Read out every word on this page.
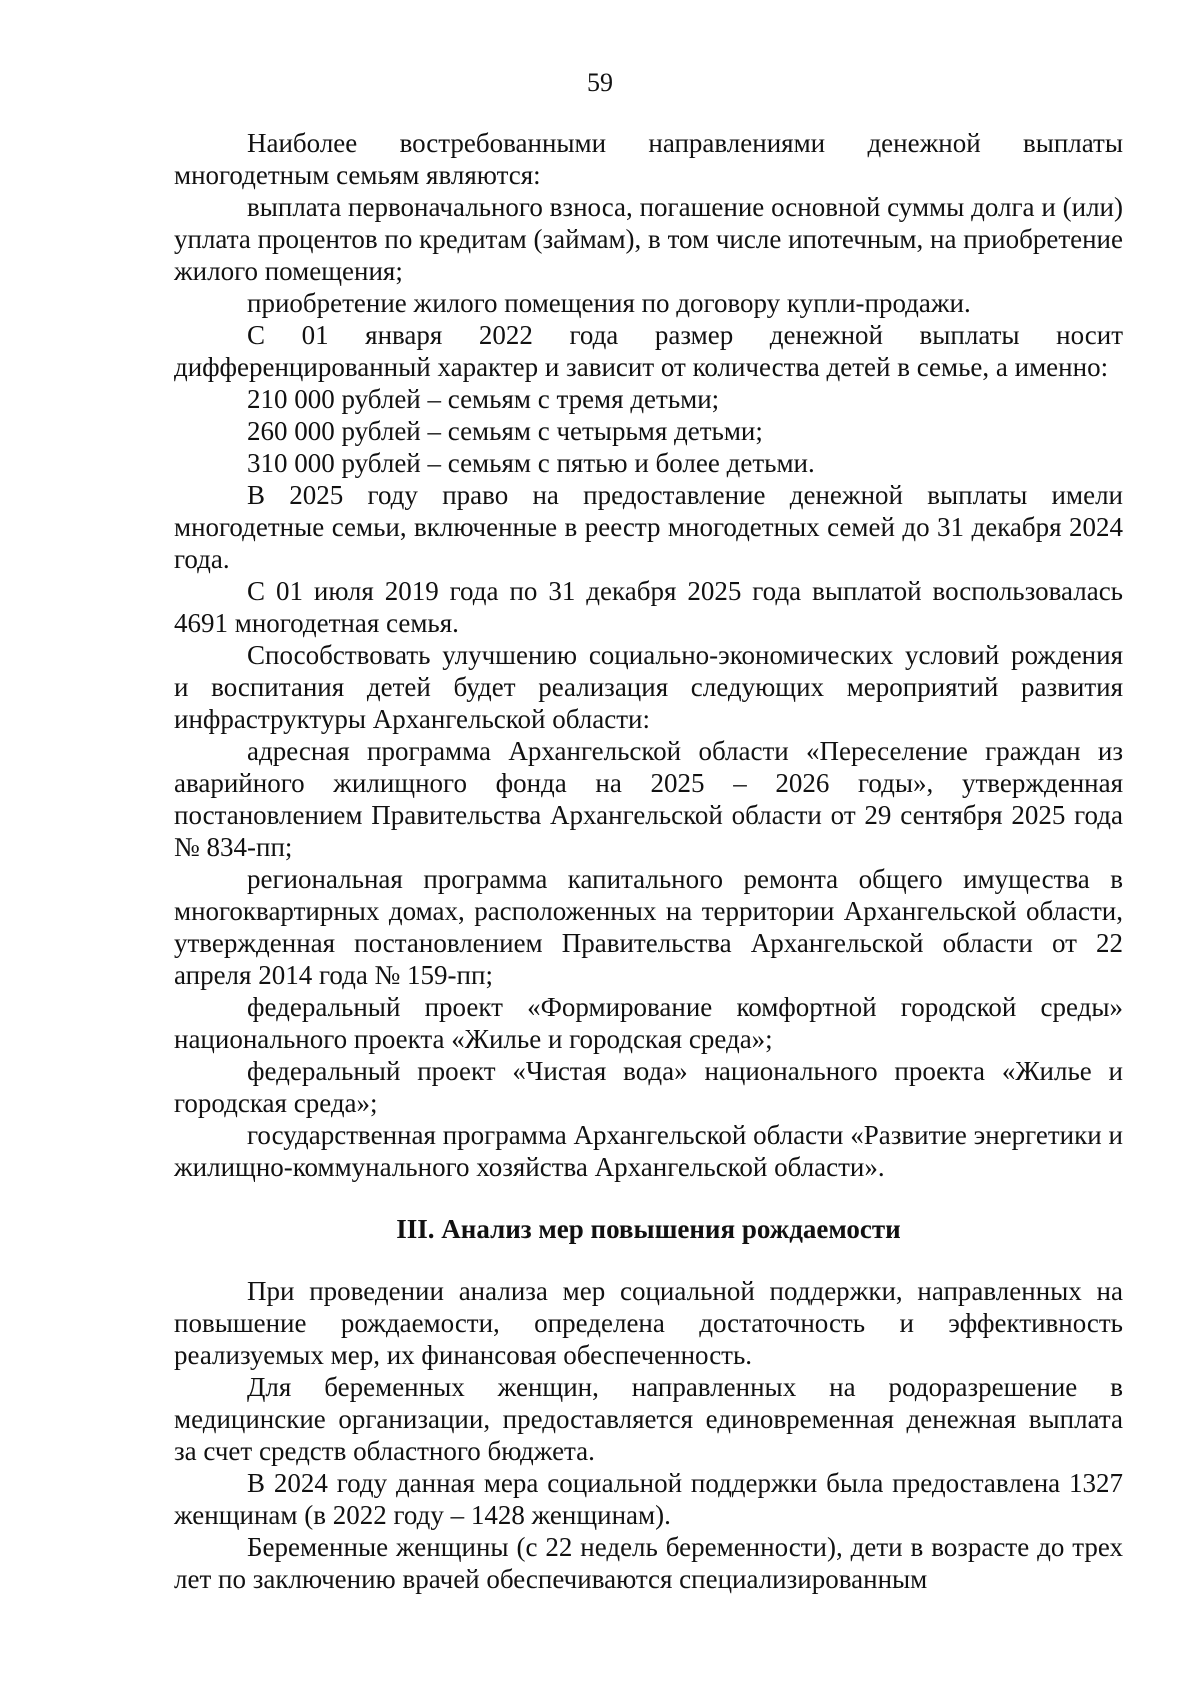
59

Наиболее востребованными направлениями денежной выплаты многодетным семьям являются:

выплата первоначального взноса, погашение основной суммы долга и (или) уплата процентов по кредитам (займам), в том числе ипотечным, на приобретение жилого помещения;

приобретение жилого помещения по договору купли-продажи.

С 01 января 2022 года размер денежной выплаты носит дифференцированный характер и зависит от количества детей в семье, а именно:

210 000 рублей – семьям с тремя детьми;

260 000 рублей – семьям с четырьмя детьми;

310 000 рублей – семьям с пятью и более детьми.

В 2025 году право на предоставление денежной выплаты имели многодетные семьи, включенные в реестр многодетных семей до 31 декабря 2024 года.

С 01 июля 2019 года по 31 декабря 2025 года выплатой воспользовалась 4691 многодетная семья.

Способствовать улучшению социально-экономических условий рождения и воспитания детей будет реализация следующих мероприятий развития инфраструктуры Архангельской области:

адресная программа Архангельской области «Переселение граждан из аварийного жилищного фонда на 2025 – 2026 годы», утвержденная постановлением Правительства Архангельской области от 29 сентября 2025 года № 834-пп;

региональная программа капитального ремонта общего имущества в многоквартирных домах, расположенных на территории Архангельской области, утвержденная постановлением Правительства Архангельской области от 22 апреля 2014 года № 159-пп;

федеральный проект «Формирование комфортной городской среды» национального проекта «Жилье и городская среда»;

федеральный проект «Чистая вода» национального проекта «Жилье и городская среда»;

государственная программа Архангельской области «Развитие энергетики и жилищно-коммунального хозяйства Архангельской области».

III. Анализ мер повышения рождаемости

При проведении анализа мер социальной поддержки, направленных на повышение рождаемости, определена достаточность и эффективность реализуемых мер, их финансовая обеспеченность.

Для беременных женщин, направленных на родоразрешение в медицинские организации, предоставляется единовременная денежная выплата за счет средств областного бюджета.

В 2024 году данная мера социальной поддержки была предоставлена 1327 женщинам (в 2022 году – 1428 женщинам).

Беременные женщины (с 22 недель беременности), дети в возрасте до трех лет по заключению врачей обеспечиваются специализированным
